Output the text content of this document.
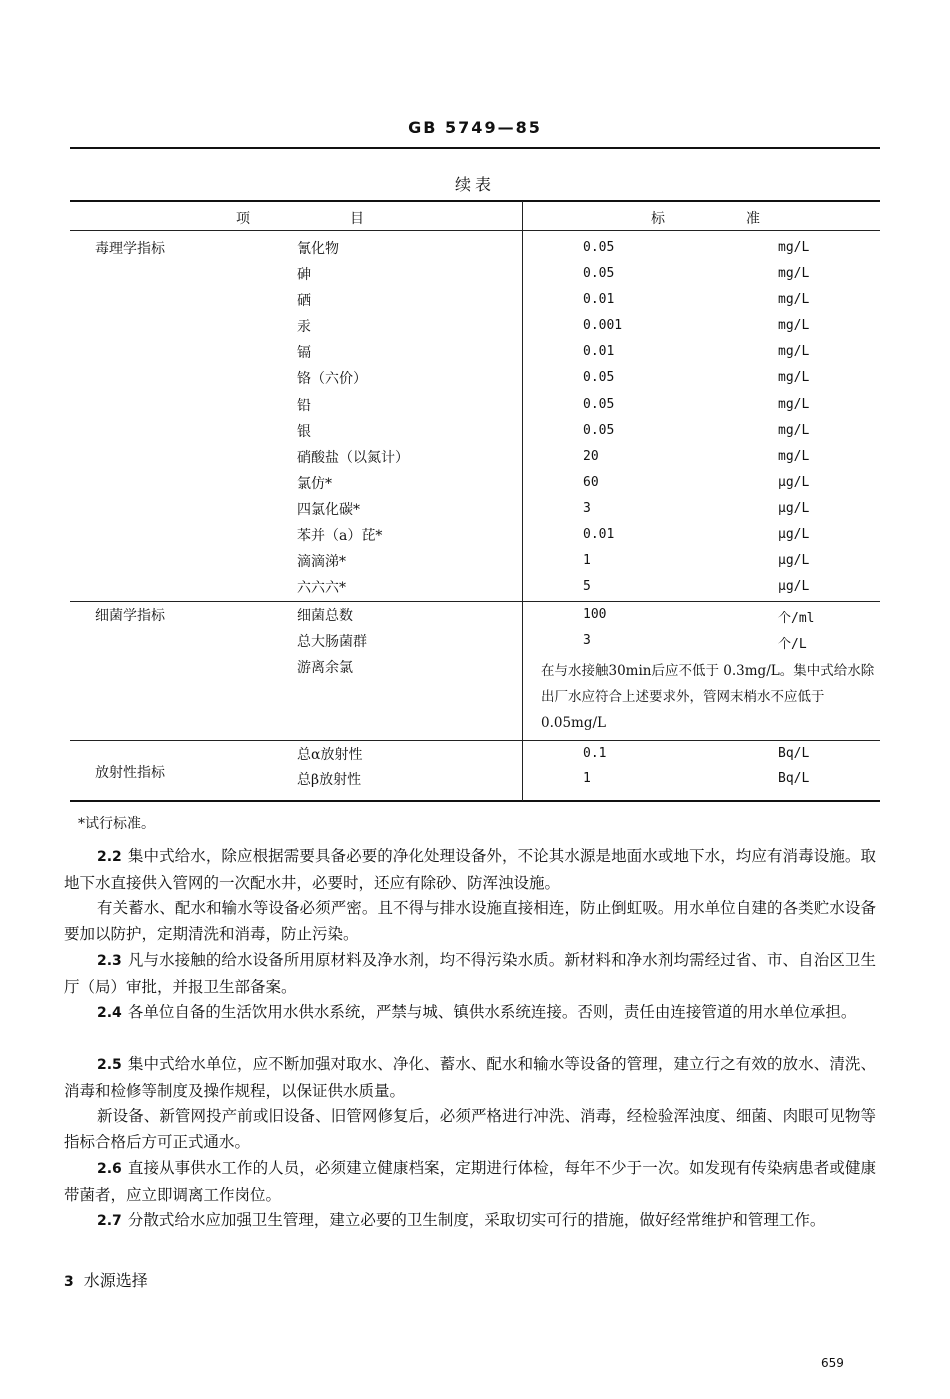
GB 5749—85
续表
项	目	标	准
毒理学指标	氰化物	0.05	mg/L
砷	0.05	mg/L
硒	0.01	mg/L
汞	0.001	mg/L
镉	0.01	mg/L
铬（六价）	0.05	mg/L
铅	0.05	mg/L
银	0.05	mg/L
硝酸盐（以氮计）	20	mg/L
氯仿*	60	μg/L
四氯化碳*	3	μg/L
苯并（a）芘*	0.01	μg/L
滴滴涕*	1	μg/L
六六六*	5	μg/L
细菌学指标	细菌总数	100	个/ml
总大肠菌群	3	个/L
游离余氯	在与水接触30min后应不低于 0.3mg/L。集中式给水除出厂水应符合上述要求外，管网末梢水不应低于0.05mg/L
放射性指标
总α放射性	0.1	Bq/L
总β放射性	1	Bq/L
*试行标准。
2.2 集中式给水，除应根据需要具备必要的净化处理设备外，不论其水源是地面水或地下水，均应有消毒设施。取地下水直接供入管网的一次配水井，必要时，还应有除砂、防浑浊设施。
有关蓄水、配水和输水等设备必须严密。且不得与排水设施直接相连，防止倒虹吸。用水单位自建的各类贮水设备要加以防护，定期清洗和消毒，防止污染。
2.3 凡与水接触的给水设备所用原材料及净水剂，均不得污染水质。新材料和净水剂均需经过省、市、自治区卫生厅（局）审批，并报卫生部备案。
2.4 各单位自备的生活饮用水供水系统，严禁与城、镇供水系统连接。否则，责任由连接管道的用水单位承担。
2.5 集中式给水单位，应不断加强对取水、净化、蓄水、配水和输水等设备的管理，建立行之有效的放水、清洗、消毒和检修等制度及操作规程，以保证供水质量。
新设备、新管网投产前或旧设备、旧管网修复后，必须严格进行冲洗、消毒，经检验浑浊度、细菌、肉眼可见物等指标合格后方可正式通水。
2.6 直接从事供水工作的人员，必须建立健康档案，定期进行体检，每年不少于一次。如发现有传染病患者或健康带菌者，应立即调离工作岗位。
2.7 分散式给水应加强卫生管理，建立必要的卫生制度，采取切实可行的措施，做好经常维护和管理工作。
3 水源选择
659
